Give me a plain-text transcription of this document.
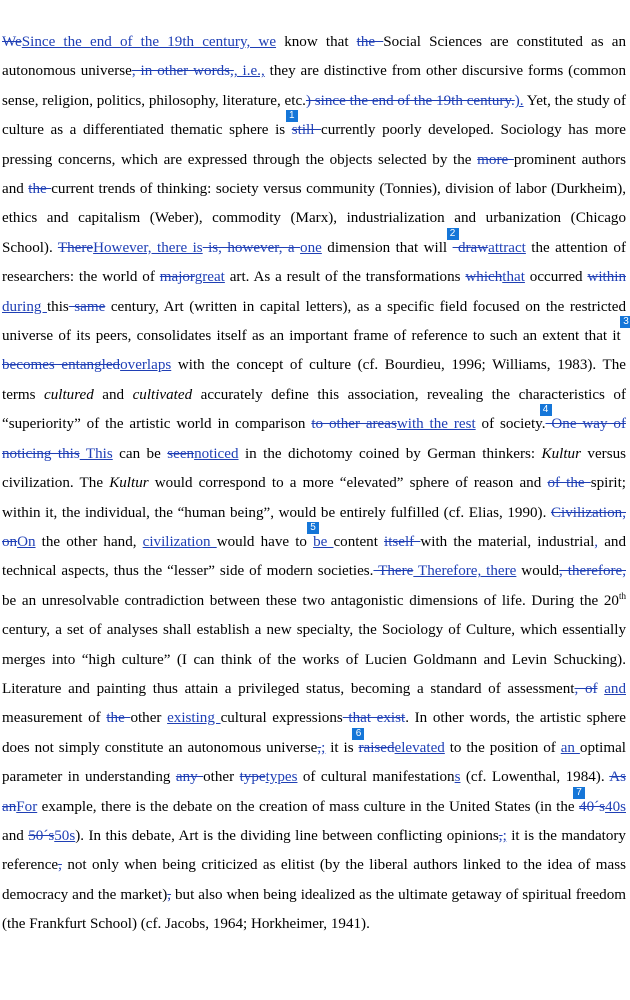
WeSince the end of the 19th century, we know that the Social Sciences are constituted as an autonomous universe, in other words,, i.e., they are distinctive from other discursive forms (common sense, religion, politics, philosophy, literature, etc.) since the end of the 19th century.). Yet, the study of culture as a differentiated thematic sphere is
1
still currently poorly developed. Sociology has more pressing concerns, which are expressed through the objects selected by the more prominent authors and the current trends of thinking: society versus community (Tonnies), division of labor (Durkheim), ethics and capitalism (Weber), commodity (Marx), industrialization and urbanization (Chicago School). ThereHowever, there is is, however, a one dimension that will
2
drawattract the attention of researchers: the world of majorgreat art. As a result of the transformations whichthat occurred within during this same century, Art (written in capital letters), as a specific field focused on the restricted universe of its peers, consolidates itself as an important frame of reference to such an extent that it
3
becomes entangledoverlaps with the concept of culture (cf. Bourdieu, 1996; Williams, 1983). The terms cultured and cultivated accurately define this association, revealing the characteristics of “superiority” of the artistic world in comparison to other areaswith the rest of society.
4
One way of noticing this This can be seennoticed in the dichotomy coined by German thinkers: Kultur versus civilization. The Kultur would correspond to a more “elevated” sphere of reason and of the spirit; within it, the individual, the “human being”, would be entirely fulfilled (cf. Elias, 1990). Civilization, onOn the other hand, civilization would have to
5
be content itself with the material, industrial, and technical aspects, thus the “lesser” side of modern societies. There Therefore, there would, therefore, be an unresolvable contradiction between these two antagonistic dimensions of life. During the 20th century, a set of analyses shall establish a new specialty, the Sociology of Culture, which essentially merges into “high culture” (I can think of the works of Lucien Goldmann and Levin Schucking). Literature and painting thus attain a privileged status, becoming a standard of assessment, of and measurement of the other existing cultural expressions that exist. In other words, the artistic sphere does not simply constitute an autonomous universe,; it is
6
raisedelevated to the position of an optimal parameter in understanding any other typetypes of cultural manifestations (cf. Lowenthal, 1984). As anFor example, there is the debate on the creation of mass culture in the United States (in the
7
40´s40s and 50´s50s). In this debate, Art is the dividing line between conflicting opinions,; it is the mandatory reference, not only when being criticized as elitist (by the liberal authors linked to the idea of mass democracy and the market), but also when being idealized as the ultimate getaway of spiritual freedom (the Frankfurt School) (cf. Jacobs, 1964; Horkheimer, 1941).
